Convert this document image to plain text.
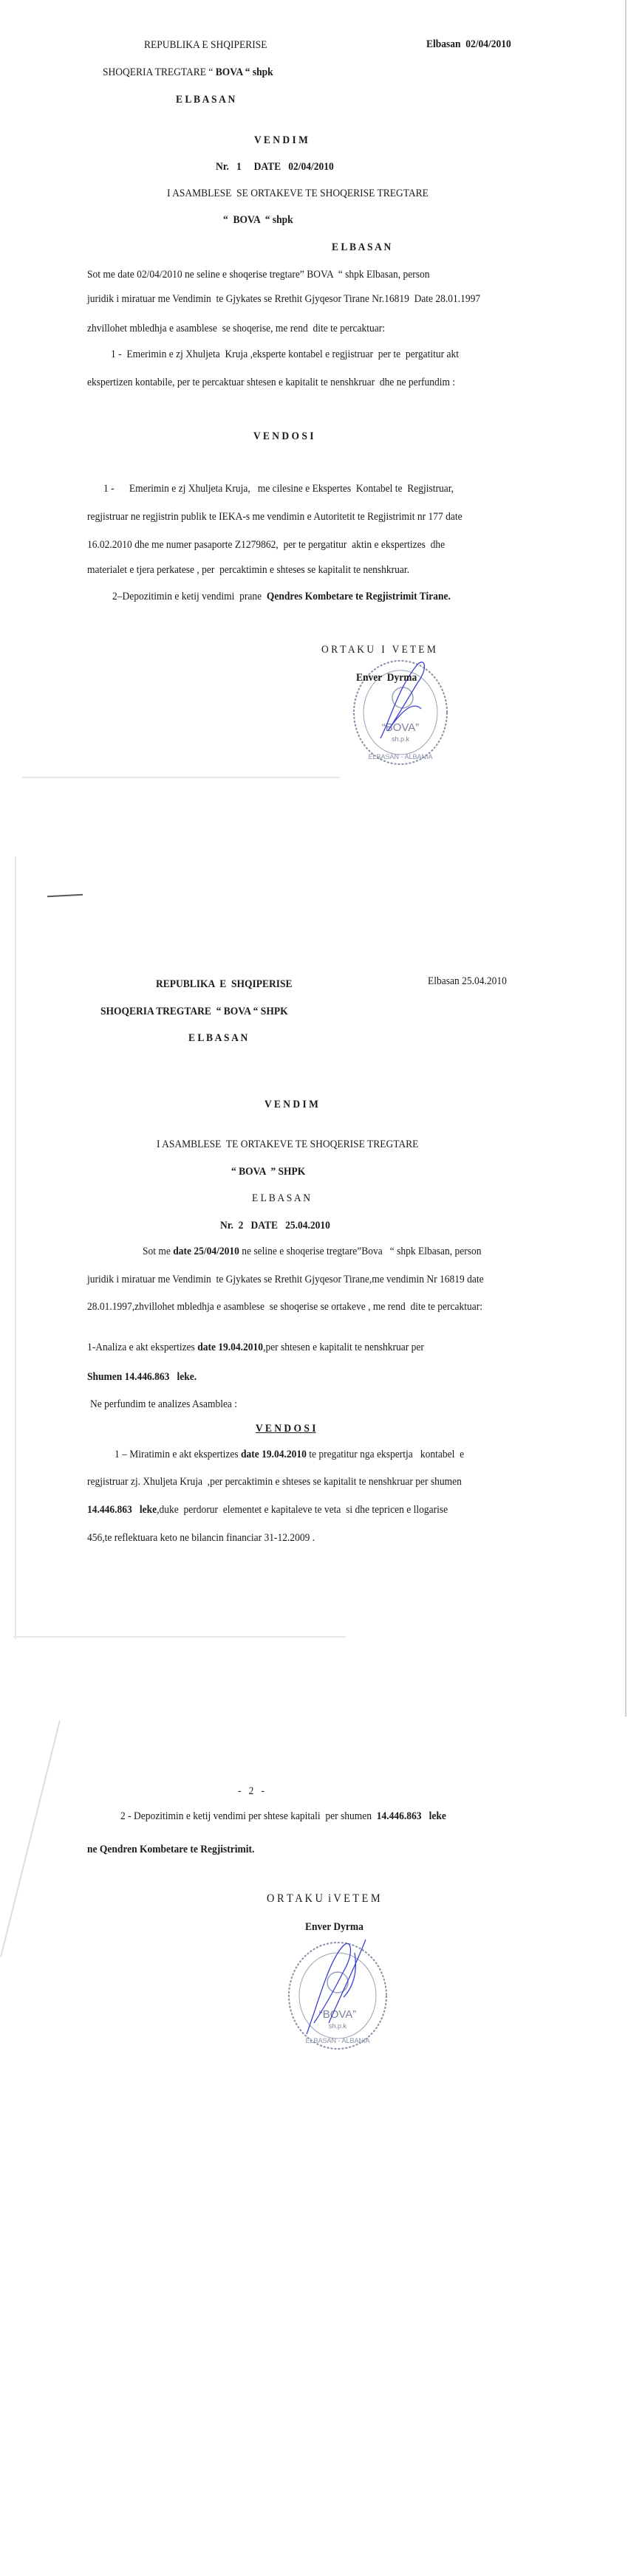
REPUBLIKA E SHQIPERISE	Elbasan  02/04/2010
SHOQERIA TREGTARE “ BOVA “ shpk
E L B A S A N
V E N D I M
Nr.   1     DATE   02/04/2010
I ASAMBLESE  SE ORTAKEVE TE SHOQERISE TREGTARE
“  BOVA  “ shpk
E L B A S A N
Sot me date 02/04/2010 ne seline e shoqerise tregtare” BOVA  “ shpk Elbasan, person
juridik i miratuar me Vendimin  te Gjykates se Rrethit Gjyqesor Tirane Nr.16819  Date 28.01.1997
zhvillohet mbledhja e asamblese  se shoqerise, me rend  dite te percaktuar:
1 -  Emerimin e zj Xhuljeta  Kruja ,eksperte kontabel e regjistruar  per te  pergatitur akt
ekspertizen kontabile, per te percaktuar shtesen e kapitalit te nenshkruar  dhe ne perfundim :
V E N D O S I
1 -      Emerimin e zj Xhuljeta Kruja,   me cilesine e Ekspertes  Kontabel te  Regjistruar,
regjistruar ne regjistrin publik te IEKA-s me vendimin e Autoritetit te Regjistrimit nr 177 date
16.02.2010 dhe me numer pasaporte Z1279862,  per te pergatitur  aktin e ekspertizes  dhe
materialet e tjera perkatese , per  percaktimin e shteses se kapitalit te nenshkruar.
2–Depozitimin e ketij vendimi  prane  Qendres Kombetare te Regjistrimit Tirane.
O R T A K U   I   V E T E M
Enver  Dyrma
“BOVA”
sh.p.k
ELBASAN - ALBANIA
REPUBLIKA  E  SHQIPERISE	Elbasan 25.04.2010
SHOQERIA TREGTARE  “ BOVA “ SHPK
E L B A S A N
V E N D I M
I ASAMBLESE  TE ORTAKEVE TE SHOQERISE TREGTARE
“ BOVA  ” SHPK
E L B A S A N
Nr.  2   DATE   25.04.2010
Sot me date 25/04/2010 ne seline e shoqerise tregtare”Bova   “ shpk Elbasan, person
juridik i miratuar me Vendimin  te Gjykates se Rrethit Gjyqesor Tirane,me vendimin Nr 16819 date
28.01.1997,zhvillohet mbledhja e asamblese  se shoqerise se ortakeve , me rend  dite te percaktuar:
1-Analiza e akt ekspertizes date 19.04.2010,per shtesen e kapitalit te nenshkruar per
Shumen 14.446.863   leke.
Ne perfundim te analizes Asamblea :
V E N D O S I
1 – Miratimin e akt ekspertizes date 19.04.2010 te pregatitur nga ekspertja   kontabel  e
regjistruar zj. Xhuljeta Kruja  ,per percaktimin e shteses se kapitalit te nenshkruar per shumen
14.446.863   leke,duke  perdorur  elementet e kapitaleve te veta  si dhe tepricen e llogarise
456,te reflektuara keto ne bilancin financiar 31-12.2009 .
-   2   -
2 - Depozitimin e ketij vendimi per shtese kapitali  per shumen  14.446.863   leke
ne Qendren Kombetare te Regjistrimit.
O R T A K U  i V E T E M
Enver Dyrma
“BOVA”
sh.p.k
ELBASAN - ALBANIA
